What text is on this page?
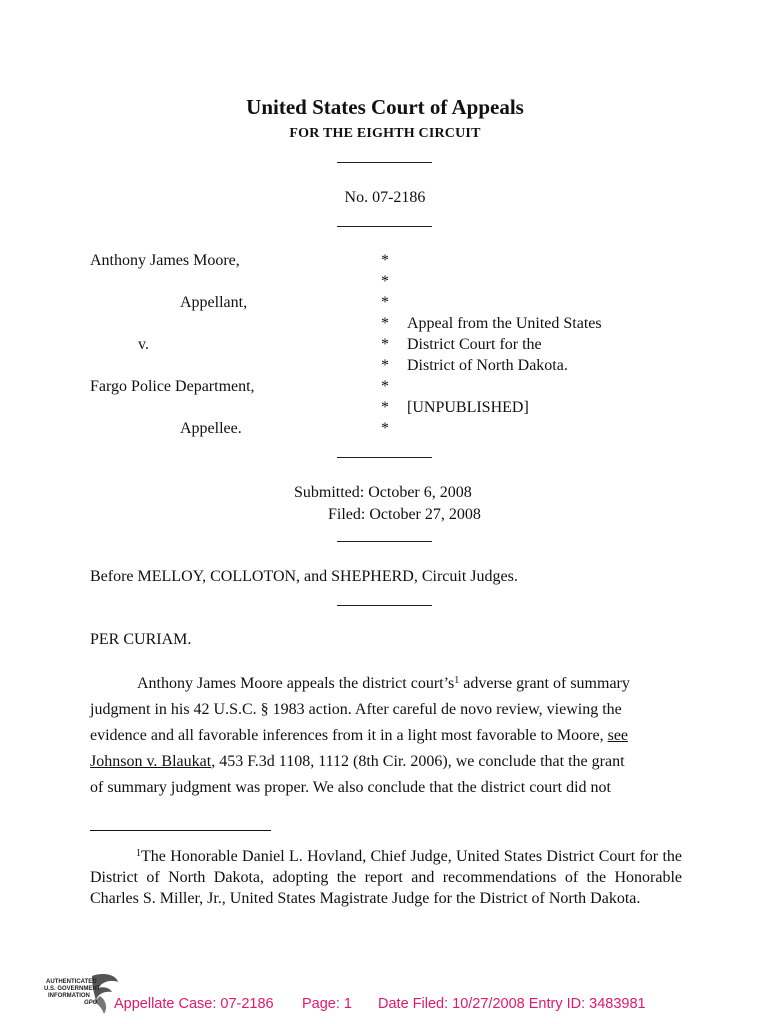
United States Court of Appeals
FOR THE EIGHTH CIRCUIT
No. 07-2186
Anthony James Moore,
Appellant,
v.
Fargo Police Department,
Appellee.
*
*
*
*
*
*
*
*
*
Appeal from the United States
District Court for the
District of North Dakota.
[UNPUBLISHED]
Submitted: October 6, 2008
Filed: October 27, 2008
Before MELLOY, COLLOTON, and SHEPHERD, Circuit Judges.
PER CURIAM.
Anthony James Moore appeals the district $court’s^1$ adverse grant of summary
judgment in his 42 U.S.C. § 1983 action. After careful de novo review, viewing the
evidence and all favorable inferences from it in a light most favorable to Moore, see
Johnson v. Blaukat, 453 F.3d 1108, 1112 (8th Cir. 2006), we conclude that the grant
of summary judgment was proper. We also conclude that the district court did not
$^1$The Honorable Daniel L. Hovland, Chief Judge, United States District Court for the District of North Dakota, adopting the report and recommendations of the Honorable Charles S. Miller, Jr., United States Magistrate Judge for the District of North Dakota.
AUTHENTICATED
U.S. GOVERNMENT
INFORMATION
GPO Appellate Case: 07-2186 Page: 1 Date Filed: 10/27/2008 Entry ID: 3483981
